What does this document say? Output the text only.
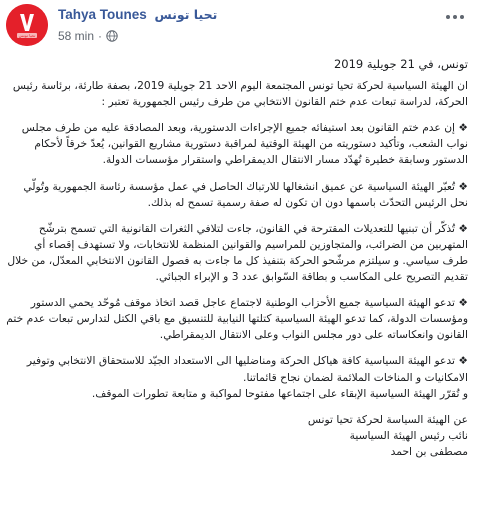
تحيا تونس
Tahya Tounes تحيا تونس
58 min ·

تونس، في 21 جويلية 2019

ان الهيئة السياسية لحركة تحيا تونس المجتمعة اليوم الاحد 21 جويلية 2019، بصفة طارئة، برئاسة رئيس الحركة، لدراسة تبعات عدم ختم القانون الانتخابي من طرف رئيس الجمهورية تعتبر :

❖ إن عدم ختم القانون بعد استيفائه جميع الإجراءات الدستورية، وبعد المصادقة عليه من طرف مجلس نواب الشعب، وتأكيد دستوريته من الهيئة الوقتية لمراقبة دستورية مشاريع القوانين، يُعدّ خرقاً لأحكام الدستور وسابقة خطيرة تُهدّد مسار الانتقال الديمقراطي واستقرار مؤسسات الدولة.

❖ تُعبّر الهيئة السياسية عن عميق انشغالها للارتباك الحاصل في عمل مؤسسة رئاسة الجمهورية وتُولّي نحل الرئيس التحدّث باسمها دون ان تكون له صفة رسمية تسمح له بذلك.

❖ تُذكّر أن تبنيها للتعديلات المقترحة في القانون، جاءت لتلافي الثغرات القانونية التي تسمح بترشّح المتهربين من الضرائب، والمتجاوزين للمراسيم والقوانين المنظمة للانتخابات، ولا تستهدف إقصاء أي طرف سياسي. و سيلتزم مرشّحو الحركة بتنفيذ كل ما جاءت به فصول القانون الانتخابي المعدّل، من خلال تقديم التصريح على المكاسب و بطاقة السّوابق عدد 3 و الإبراء الجبائي.

❖ تدعو الهيئة السياسية جميع الأحزاب الوطنية لاجتماع عاجل قصد اتخاذ موقف مُوحّد يحمي الدستور ومؤسسات الدولة، كما تدعو الهيئة السياسية كتلتها النيابية للتنسيق مع باقي الكتل لتدارس تبعات عدم ختم القانون وانعكاساته على دور مجلس النواب وعلى الانتقال الديمقراطي.

❖ تدعو الهيئة السياسية كافة هياكل الحركة ومناضليها الى الاستعداد الجيّد للاستحقاق الانتخابي وتوفير الامكانيات و المناخات الملائمة لضمان نجاح قائماتنا.

و تُقرّر الهيئة السياسية الإبقاء على اجتماعها مفتوحا لمواكبة و متابعة تطورات الموقف.

عن الهيئة السياسة لحركة تحيا تونس

نائب رئيس الهيئة السياسية

مصطفى بن احمد
